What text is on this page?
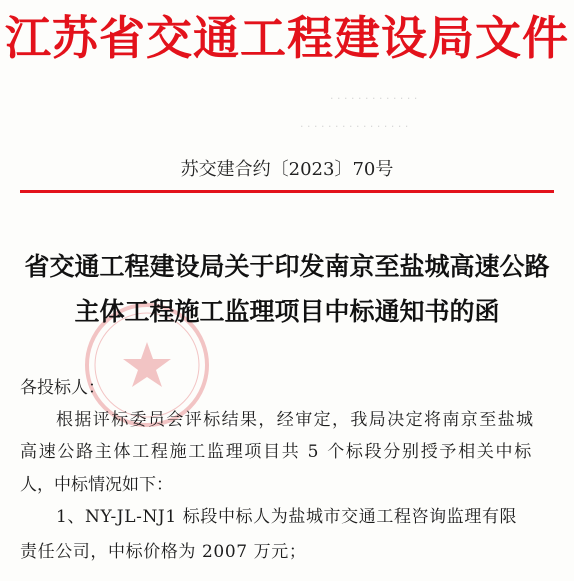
江苏省交通工程建设局文件
· · · · · · · · · · · · ·
· · · · · · · · · · · · · · · ·
苏交建合约〔2023〕70号
省交通工程建设局关于印发南京至盐城高速公路
主体工程施工监理项目中标通知书的函
各投标人：
根据评标委员会评标结果，经审定，我局决定将南京至盐城
高速公路主体工程施工监理项目共 5 个标段分别授予相关中标
人，中标情况如下：
1、NY-JL-NJ1 标段中标人为盐城市交通工程咨询监理有限
责任公司，中标价格为 2007 万元；
